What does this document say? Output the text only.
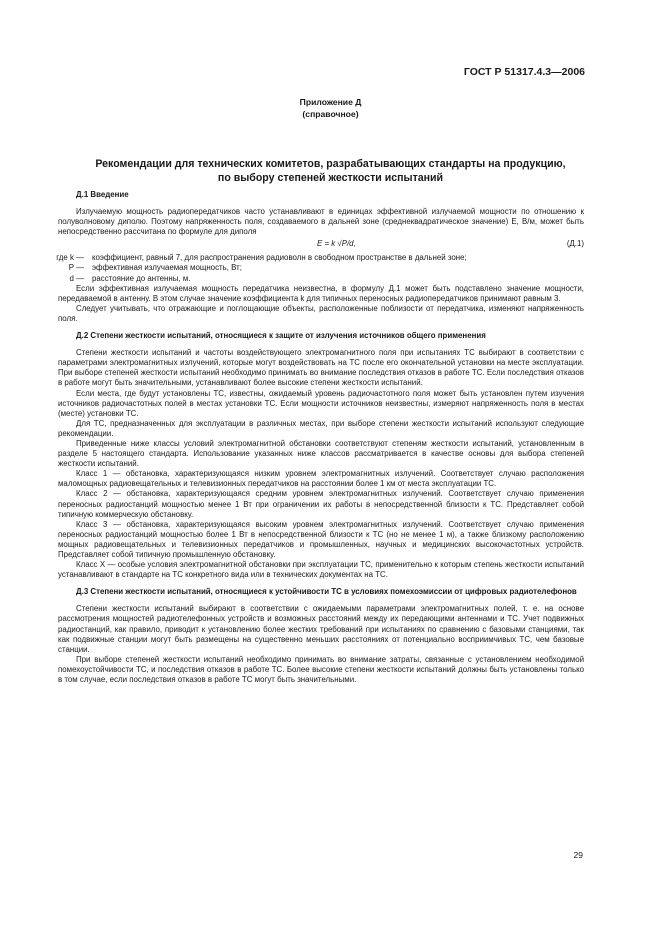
ГОСТ Р 51317.4.3—2006
Приложение Д
(справочное)
Рекомендации для технических комитетов, разрабатывающих стандарты на продукцию,
по выбору степеней жесткости испытаний

Д.1 Введение

Излучаемую мощность радиопередатчиков часто устанавливают в единицах эффективной излучаемой мощности по отношению к полуволновому диполю. Поэтому напряженность поля, создаваемого в дальней зоне (среднеквадратическое значение) E, В/м, может быть непосредственно рассчитана по формуле для диполя

E = k √P/d,	(Д.1)
где k — коэффициент, равный 7, для распространения радиоволн в свободном пространстве в дальней зоне;
P — эффективная излучаемая мощность, Вт;
d — расстояние до антенны, м.

Если эффективная излучаемая мощность передатчика неизвестна, в формулу Д.1 может быть подставлено значение мощности, передаваемой в антенну. В этом случае значение коэффициента k для типичных переносных радиопередатчиков принимают равным 3.

Следует учитывать, что отражающие и поглощающие объекты, расположенные поблизости от передатчика, изменяют напряженность поля.

Д.2 Степени жесткости испытаний, относящиеся к защите от излучения источников общего применения

Степени жесткости испытаний и частоты воздействующего электромагнитного поля при испытаниях ТС выбирают в соответствии с параметрами электромагнитных излучений, которые могут воздействовать на ТС после его окончательной установки на месте эксплуатации. При выборе степеней жесткости испытаний необходимо принимать во внимание последствия отказов в работе ТС. Если последствия отказов в работе могут быть значительными, устанавливают более высокие степени жесткости испытаний.

Если места, где будут установлены ТС, известны, ожидаемый уровень радиочастотного поля может быть установлен путем изучения источников радиочастотных полей в местах установки ТС. Если мощности источников неизвестны, измеряют напряженность поля в местах (месте) установки ТС.

Для ТС, предназначенных для эксплуатации в различных местах, при выборе степени жесткости испытаний используют следующие рекомендации.

Приведенные ниже классы условий электромагнитной обстановки соответствуют степеням жесткости испытаний, установленным в разделе 5 настоящего стандарта. Использование указанных ниже классов рассматривается в качестве основы для выбора степеней жесткости испытаний.

Класс 1 — обстановка, характеризующаяся низким уровнем электромагнитных излучений. Соответствует случаю расположения маломощных радиовещательных и телевизионных передатчиков на расстоянии более 1 км от места эксплуатации ТС.

Класс 2 — обстановка, характеризующаяся средним уровнем электромагнитных излучений. Соответствует случаю применения переносных радиостанций мощностью менее 1 Вт при ограничении их работы в непосредственной близости к ТС. Представляет собой типичную коммерческую обстановку.

Класс 3 — обстановка, характеризующаяся высоким уровнем электромагнитных излучений. Соответствует случаю применения переносных радиостанций мощностью более 1 Вт в непосредственной близости к ТС (но не менее 1 м), а также близкому расположению мощных радиовещательных и телевизионных передатчиков и промышленных, научных и медицинских высокочастотных устройств. Представляет собой типичную промышленную обстановку.

Класс Х — особые условия электромагнитной обстановки при эксплуатации ТС, применительно к которым степень жесткости испытаний устанавливают в стандарте на ТС конкретного вида или в технических документах на ТС.

Д.3 Степени жесткости испытаний, относящиеся к устойчивости ТС в условиях помехоэмиссии от цифровых радиотелефонов

Степени жесткости испытаний выбирают в соответствии с ожидаемыми параметрами электромагнитных полей, т. е. на основе рассмотрения мощностей радиотелефонных устройств и возможных расстояний между их передающими антеннами и ТС. Учет подвижных радиостанций, как правило, приводит к установлению более жестких требований при испытаниях по сравнению с базовыми станциями, так как подвижные станции могут быть размещены на существенно меньших расстояниях от потенциально восприимчивых ТС, чем базовые станции.

При выборе степеней жесткости испытаний необходимо принимать во внимание затраты, связанные с установлением необходимой помехоустойчивости ТС, и последствия отказов в работе ТС. Более высокие степени жесткости испытаний должны быть установлены только в том случае, если последствия отказов в работе ТС могут быть значительными.

29
